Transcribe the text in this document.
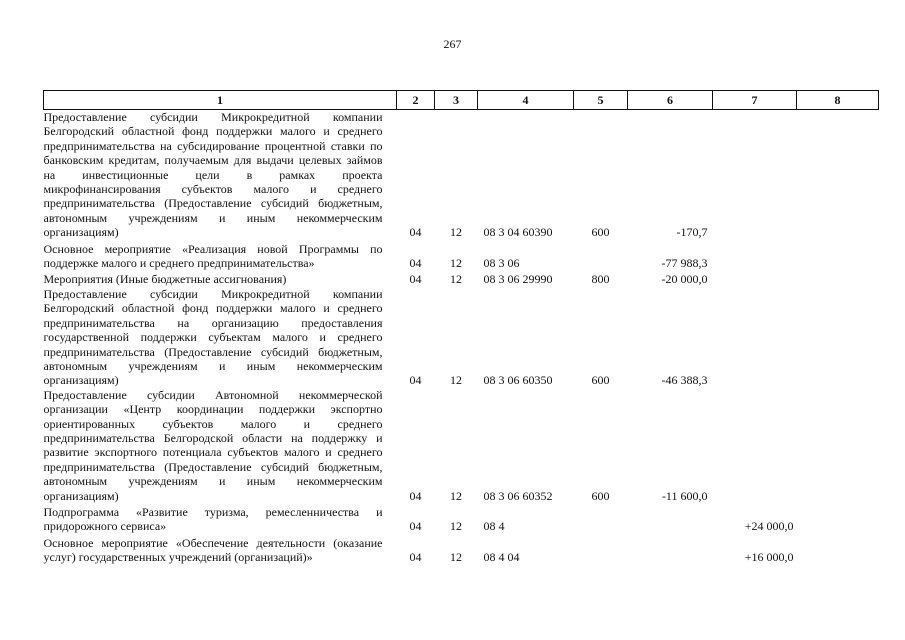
267
1	2	3	4	5	6	7	8
Предоставление субсидии Микрокредитной компании Белгородский областной фонд поддержки малого и среднего предпринимательства на субсидирование процентной ставки по банковским кредитам, получаемым для выдачи целевых займов на инвестиционные цели в рамках проекта микрофинансирования субъектов малого и среднего предпринимательства (Предоставление субсидий бюджетным, автономным учреждениям и иным некоммерческим организациям)	04	12	08 3 04 60390	600	-170,7		

Основное мероприятие «Реализация новой Программы по поддержке малого и среднего предпринимательства»	04	12	08 3 06		-77 988,3		

Мероприятия (Иные бюджетные ассигнования)	04	12	08 3 06 29990	800	-20 000,0		
Предоставление субсидии Микрокредитной компании Белгородский областной фонд поддержки малого и среднего предпринимательства на организацию предоставления государственной поддержки субъектам малого и среднего предпринимательства (Предоставление субсидий бюджетным, автономным учреждениям и иным некоммерческим организациям)	04	12	08 3 06 60350	600	-46 388,3		
Предоставление субсидии Автономной некоммерческой организации «Центр координации поддержки экспортно ориентированных субъектов малого и среднего предпринимательства Белгородской области на поддержку и развитие экспортного потенциала субъектов малого и среднего предпринимательства (Предоставление субсидий бюджетным, автономным учреждениям и иным некоммерческим организациям)	04	12	08 3 06 60352	600	-11 600,0		

Подпрограмма «Развитие туризма, ремесленничества и придорожного сервиса»	04	12	08 4			+24 000,0	

Основное мероприятие «Обеспечение деятельности (оказание услуг) государственных учреждений (организаций)»	04	12	08 4 04			+16 000,0	
